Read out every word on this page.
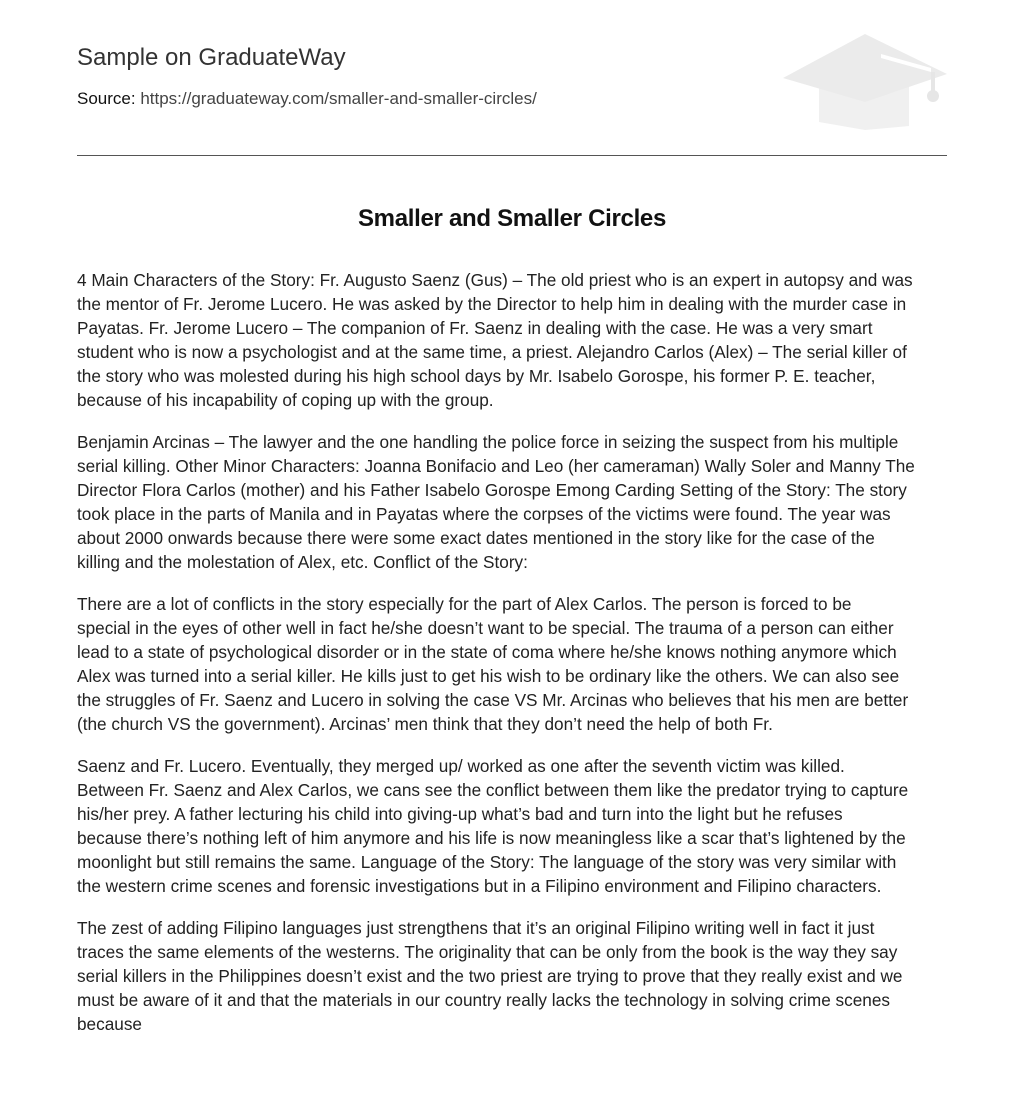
Sample on GraduateWay
Source: https://graduateway.com/smaller-and-smaller-circles/
Smaller and Smaller Circles

4 Main Characters of the Story: Fr. Augusto Saenz (Gus) – The old priest who is an expert in autopsy and was
the mentor of Fr. Jerome Lucero. He was asked by the Director to help him in dealing with the murder case in
Payatas. Fr. Jerome Lucero – The companion of Fr. Saenz in dealing with the case. He was a very smart
student who is now a psychologist and at the same time, a priest. Alejandro Carlos (Alex) – The serial killer of
the story who was molested during his high school days by Mr. Isabelo Gorospe, his former P. E. teacher,
because of his incapability of coping up with the group.

Benjamin Arcinas – The lawyer and the one handling the police force in seizing the suspect from his multiple
serial killing. Other Minor Characters: Joanna Bonifacio and Leo (her cameraman) Wally Soler and Manny The
Director Flora Carlos (mother) and his Father Isabelo Gorospe Emong Carding Setting of the Story: The story
took place in the parts of Manila and in Payatas where the corpses of the victims were found. The year was
about 2000 onwards because there were some exact dates mentioned in the story like for the case of the
killing and the molestation of Alex, etc. Conflict of the Story:

There are a lot of conflicts in the story especially for the part of Alex Carlos. The person is forced to be
special in the eyes of other well in fact he/she doesn’t want to be special. The trauma of a person can either
lead to a state of psychological disorder or in the state of coma where he/she knows nothing anymore which
Alex was turned into a serial killer. He kills just to get his wish to be ordinary like the others. We can also see
the struggles of Fr. Saenz and Lucero in solving the case VS Mr. Arcinas who believes that his men are better
(the church VS the government). Arcinas’ men think that they don’t need the help of both Fr.

Saenz and Fr. Lucero. Eventually, they merged up/ worked as one after the seventh victim was killed.
Between Fr. Saenz and Alex Carlos, we cans see the conflict between them like the predator trying to capture
his/her prey. A father lecturing his child into giving-up what’s bad and turn into the light but he refuses
because there’s nothing left of him anymore and his life is now meaningless like a scar that’s lightened by the
moonlight but still remains the same. Language of the Story: The language of the story was very similar with
the western crime scenes and forensic investigations but in a Filipino environment and Filipino characters.

The zest of adding Filipino languages just strengthens that it’s an original Filipino writing well in fact it just
traces the same elements of the westerns. The originality that can be only from the book is the way they say
serial killers in the Philippines doesn’t exist and the two priest are trying to prove that they really exist and we
must be aware of it and that the materials in our country really lacks the technology in solving crime scenes
because
